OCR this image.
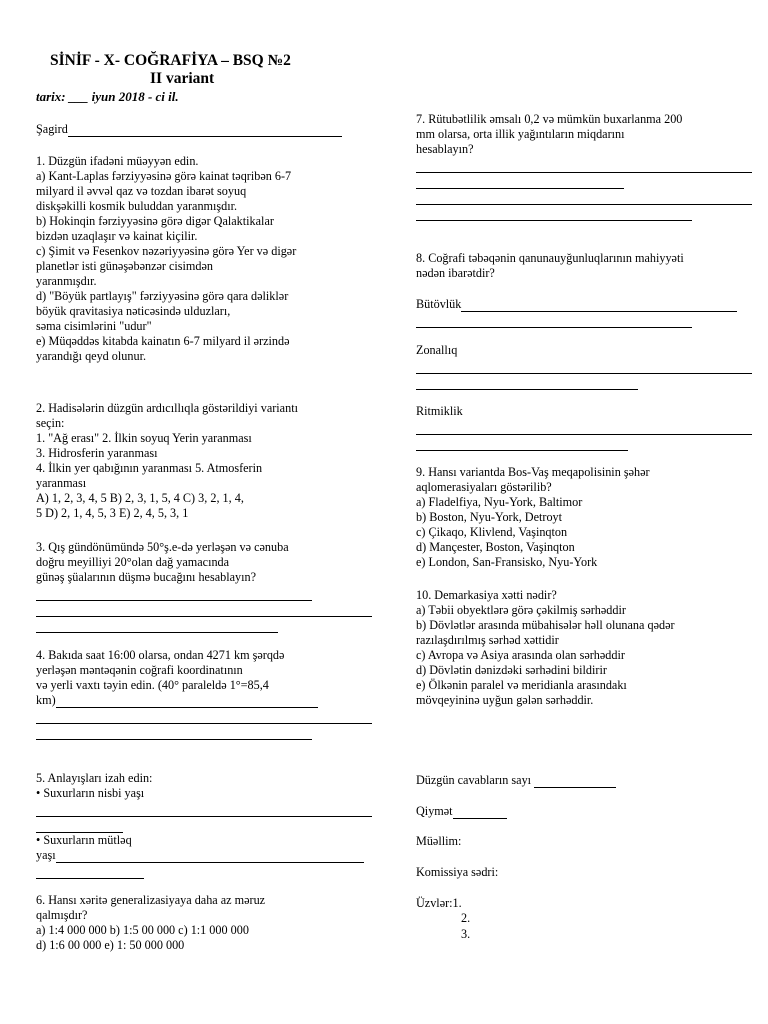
SİNİF - X- COĞRAFİYA – BSQ №2
II variant
tarix: ___ iyun 2018 - ci il.
Şagird

1. Düzgün ifadəni müəyyən edin.

a) Kant-Laplas fərziyyəsinə görə kainat təqribən 6-7

milyard il əvvəl qaz və tozdan ibarət soyuq

diskşəkilli kosmik buluddan yaranmışdır.

b) Hokinqin fərziyyəsinə görə digər Qalaktikalar

bizdən uzaqlaşır və kainat kiçilir.

c) Şimit və Fesenkov nəzəriyyəsinə görə Yer və digər

planetlər isti günəşəbənzər cisimdən

yaranmışdır.

d) "Böyük partlayış" fərziyyəsinə görə qara dəliklər

böyük qravitasiya nəticəsində ulduzları,

səma cisimlərini "udur"

e) Müqəddəs kitabda kainatın 6-7 milyard il ərzində

yarandığı qeyd olunur.

2. Hadisələrin düzgün ardıcıllıqla göstərildiyi variantı

seçin:

1. "Ağ erası" 2. İlkin soyuq Yerin yaranması

3. Hidrosferin yaranması

4. İlkin yer qabığının yaranması 5. Atmosferin

yaranması

A) 1, 2, 3, 4, 5 B) 2, 3, 1, 5, 4 C) 3, 2, 1, 4,

5 D) 2, 1, 4, 5, 3 E) 2, 4, 5, 3, 1

3. Qış gündönümündə 50°ş.e-də yerləşən və cənuba

doğru meyilliyi 20°olan dağ yamacında

günəş şüalarının düşmə bucağını hesablayın?

4. Bakıda saat 16:00 olarsa, ondan 4271 km şərqdə

yerləşən məntəqənin coğrafi koordinatının

və yerli vaxtı təyin edin. (40° paraleldə 1°=85,4

km)

5. Anlayışları izah edin:

• Suxurların nisbi yaşı

• Suxurların mütləq

yaşı

6. Hansı xəritə generalizasiyaya daha az məruz

qalmışdır?

a) 1:4 000 000 b) 1:5 00 000 c) 1:1 000 000

d) 1:6 00 000 e) 1: 50 000 000

7. Rütubətlilik əmsalı 0,2 və mümkün buxarlanma 200

mm olarsa, orta illik yağıntıların miqdarını

hesablayın?

8. Coğrafi təbəqənin qanunauyğunluqlarının mahiyyəti

nədən ibarətdir?

Bütövlük

Zonallıq

Ritmiklik

9. Hansı variantda Bos-Vaş meqapolisinin şəhər

aqlomerasiyaları göstərilib?

a) Fladelfiya, Nyu-York, Baltimor

b) Boston, Nyu-York, Detroyt

c) Çikaqo, Klivlend, Vaşinqton

d) Mançester, Boston, Vaşinqton

e) London, San-Fransisko, Nyu-York

10. Demarkasiya xətti nədir?

a) Təbii obyektlərə görə çəkilmiş sərhəddir

b) Dövlətlər arasında mübahisələr həll olunana qədər

razılaşdırılmış sərhəd xəttidir

c) Avropa və Asiya arasında olan sərhəddir

d) Dövlətin dənizdəki sərhədini bildirir

e) Ölkənin paralel və meridianla arasındakı

mövqeyininə uyğun gələn sərhəddir.

Düzgün cavabların sayı
Qiymət
Müəllim:
Komissiya sədri:
Üzvlər:1.
2.
3.
